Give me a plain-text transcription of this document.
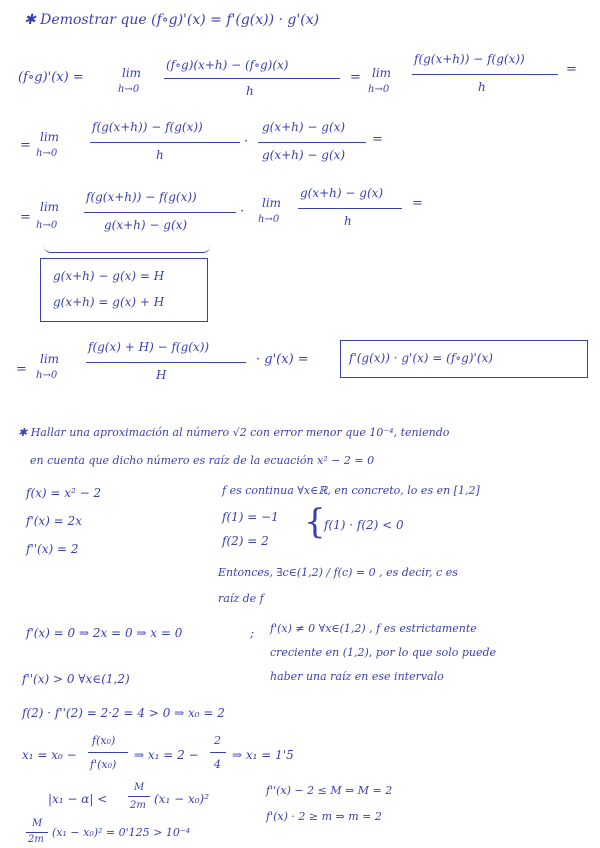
✱ Demostrar que (f∘g)'(x) = f'(g(x)) · g'(x)
(f∘g)'(x) =	lim
h→0
(f∘g)(x+h) − (f∘g)(x)
h
= lim
h→0
f(g(x+h)) − f(g(x))
h
=
=
lim
h→0
f(g(x+h)) − f(g(x))
h
·
g(x+h) − g(x)
g(x+h) − g(x)
=
=
lim
h→0
f(g(x+h)) − f(g(x))
g(x+h) − g(x)
·
lim
h→0
g(x+h) − g(x)
h
=
g(x+h) − g(x) = H
g(x+h) = g(x) + H
=
lim
h→0
f(g(x) + H) − f(g(x))
H
· g'(x) =	f'(g(x)) · g'(x) = (f∘g)'(x)
✱ Hallar una aproximación al número √2 con error menor que 10⁻⁴, teniendo
en cuenta que dicho número es raíz de la ecuación x² − 2 = 0
f(x) = x² − 2
f'(x) = 2x
f''(x) = 2
f es continua ∀x∈ℝ, en concreto, lo es en [1,2]
f(1) = −1
f(2) = 2 {
f(1) · f(2) < 0
Entonces, ∃c∈(1,2) / f(c) = 0 , es decir, c es
raíz de f
f'(x) = 0 ⇒ 2x = 0 ⇒ x = 0	; f'(x) ≠ 0 ∀x∈(1,2) , f es estrictamente
creciente en (1,2), por lo que solo puede
haber una raíz en ese intervalo
f''(x) > 0 ∀x∈(1,2)
f(2) · f''(2) = 2·2 = 4 > 0 ⇒ x₀ = 2
x₁ = x₀ −
f(x₀)
f'(x₀)
⇒ x₁ = 2 −
2
4
⇒ x₁ = 1'5
|x₁ − α| <
M
2m (x₁ − x₀)²
f''(x) − 2 ≤ M ⇒ M = 2
f'(x) · 2 ≥ m ⇒ m = 2
M
2m
(x₁ − x₀)² = 0'125 > 10⁻⁴
